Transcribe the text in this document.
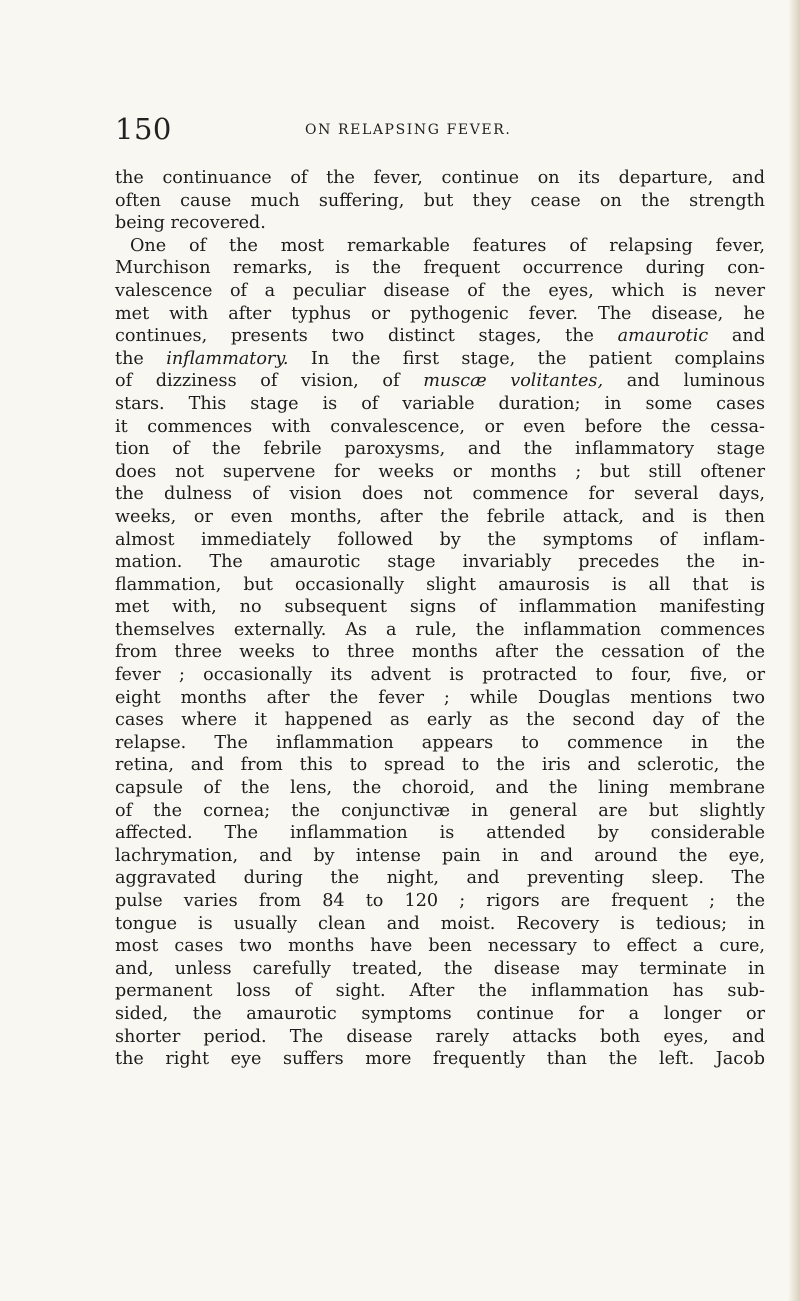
150	ON RELAPSING FEVER.
the continuance of the fever, continue on its departure, and
often cause much suffering, but they cease on the strength
being recovered.
One of the most remarkable features of relapsing fever,
Murchison remarks, is the frequent occurrence during con-
valescence of a peculiar disease of the eyes, which is never
met with after typhus or pythogenic fever. The disease, he
continues, presents two distinct stages, the amaurotic and
the inflammatory. In the first stage, the patient complains
of dizziness of vision, of muscæ volitantes, and luminous
stars. This stage is of variable duration; in some cases
it commences with convalescence, or even before the cessa-
tion of the febrile paroxysms, and the inflammatory stage
does not supervene for weeks or months ; but still oftener
the dulness of vision does not commence for several days,
weeks, or even months, after the febrile attack, and is then
almost immediately followed by the symptoms of inflam-
mation. The amaurotic stage invariably precedes the in-
flammation, but occasionally slight amaurosis is all that is
met with, no subsequent signs of inflammation manifesting
themselves externally. As a rule, the inflammation commences
from three weeks to three months after the cessation of the
fever ; occasionally its advent is protracted to four, five, or
eight months after the fever ; while Douglas mentions two
cases where it happened as early as the second day of the
relapse. The inflammation appears to commence in the
retina, and from this to spread to the iris and sclerotic, the
capsule of the lens, the choroid, and the lining membrane
of the cornea; the conjunctivæ in general are but slightly
affected. The inflammation is attended by considerable
lachrymation, and by intense pain in and around the eye,
aggravated during the night, and preventing sleep. The
pulse varies from 84 to 120 ; rigors are frequent ; the
tongue is usually clean and moist. Recovery is tedious; in
most cases two months have been necessary to effect a cure,
and, unless carefully treated, the disease may terminate in
permanent loss of sight. After the inflammation has sub-
sided, the amaurotic symptoms continue for a longer or
shorter period. The disease rarely attacks both eyes, and
the right eye suffers more frequently than the left. Jacob
